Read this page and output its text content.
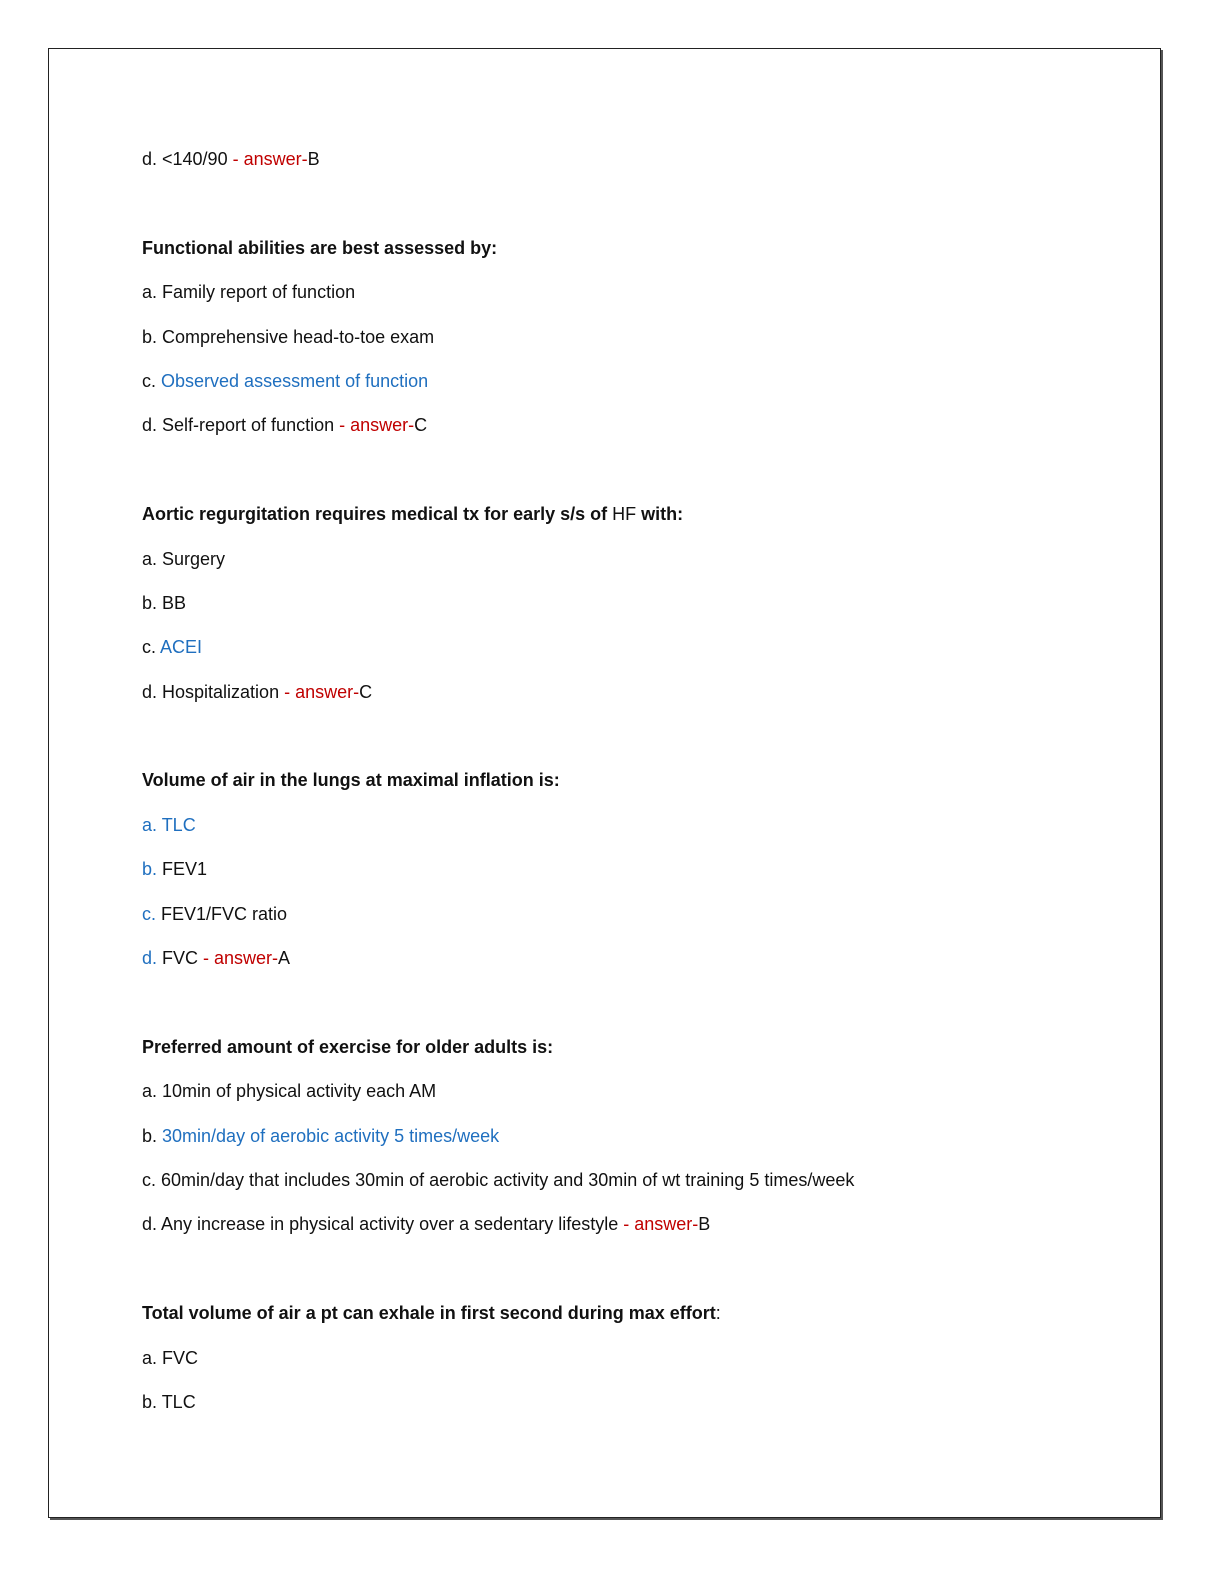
d. <140/90 - answer-B
Functional abilities are best assessed by:
a. Family report of function
b. Comprehensive head-to-toe exam
c. Observed assessment of function
d. Self-report of function - answer-C
Aortic regurgitation requires medical tx for early s/s of HF with:
a. Surgery
b. BB
c. ACEI
d. Hospitalization - answer-C
Volume of air in the lungs at maximal inflation is:
a. TLC
b. FEV1
c. FEV1/FVC ratio
d. FVC - answer-A
Preferred amount of exercise for older adults is:
a. 10min of physical activity each AM
b. 30min/day of aerobic activity 5 times/week
c. 60min/day that includes 30min of aerobic activity and 30min of wt training 5 times/week
d. Any increase in physical activity over a sedentary lifestyle - answer-B
Total volume of air a pt can exhale in first second during max effort:
a. FVC
b. TLC
